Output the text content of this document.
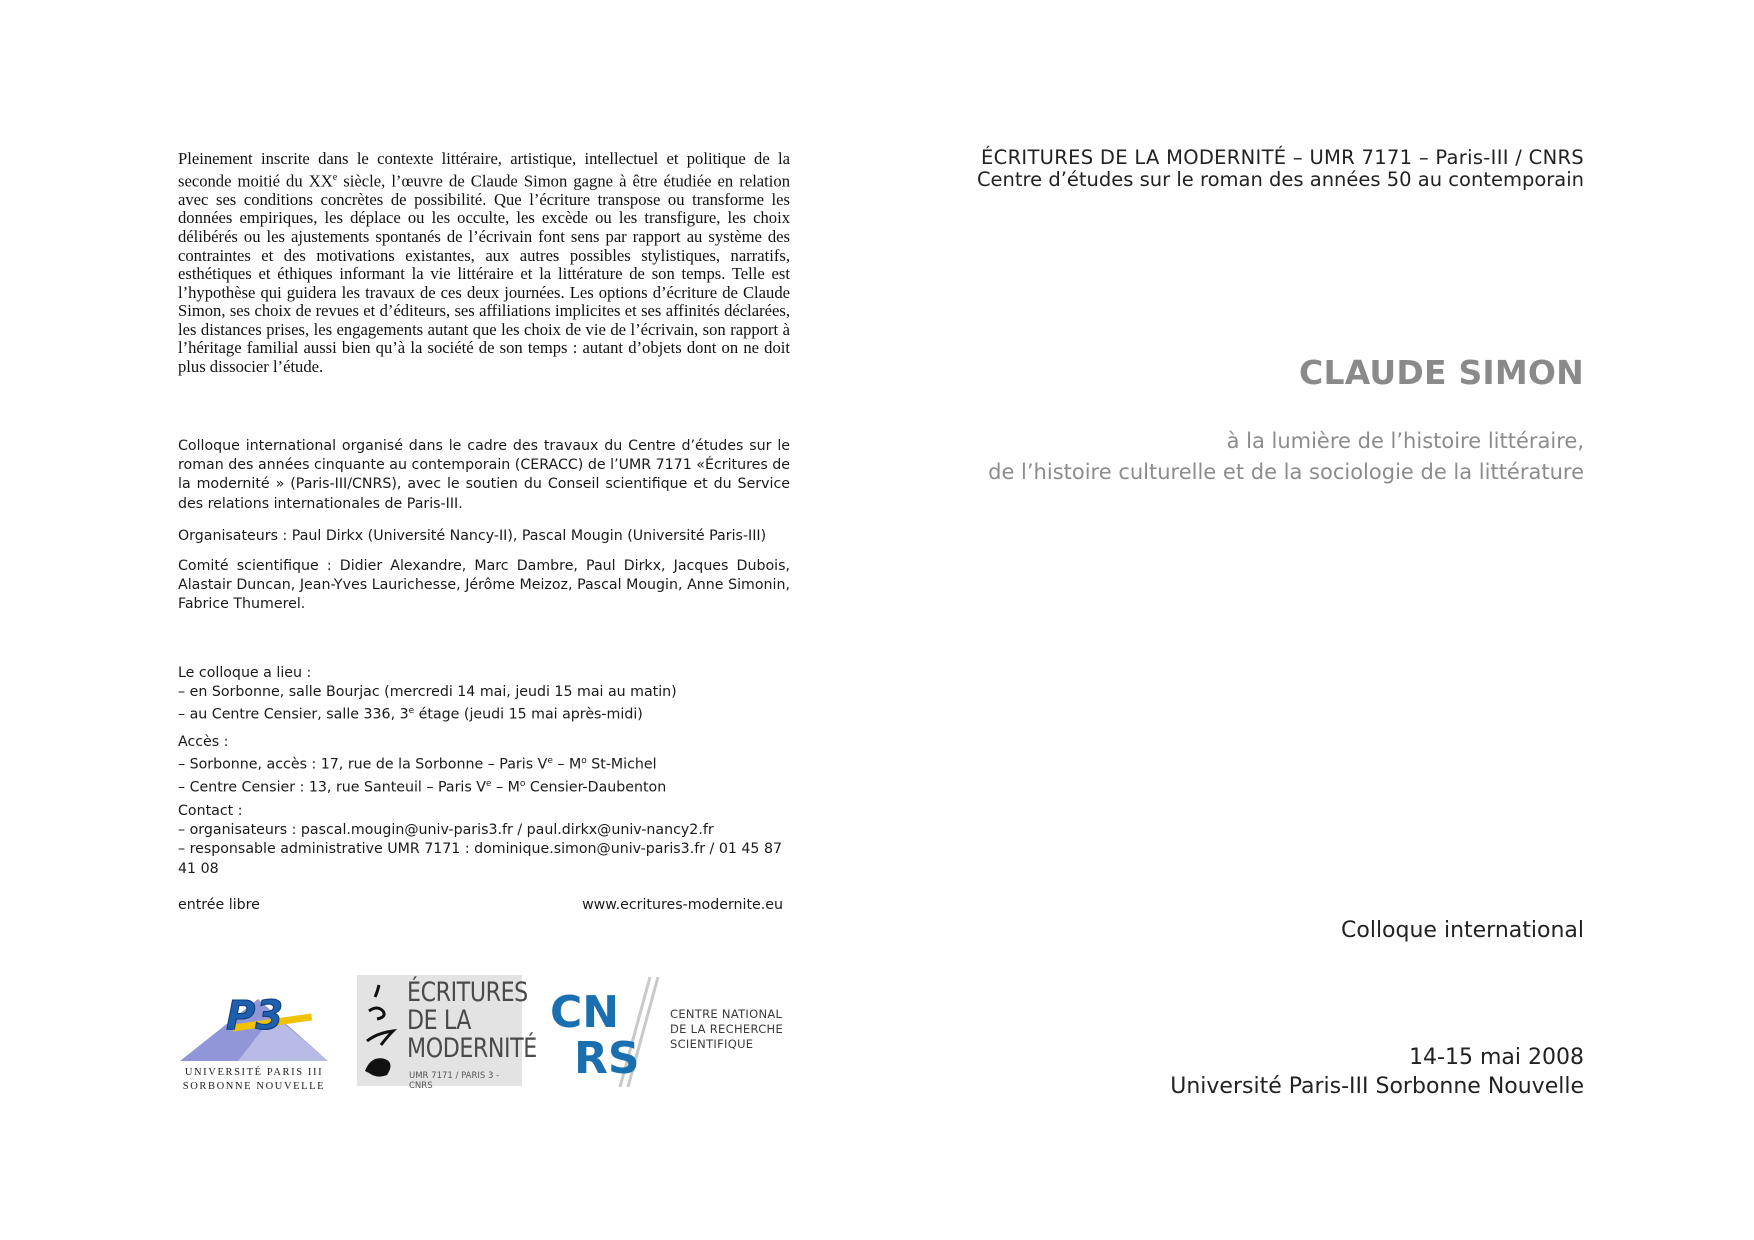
Pleinement inscrite dans le contexte littéraire, artistique, intellectuel et politique de la seconde moitié du XXe siècle, l’œuvre de Claude Simon gagne à être étudiée en relation avec ses conditions concrètes de possibilité. Que l’écriture transpose ou transforme les données empiriques, les déplace ou les occulte, les excède ou les transfigure, les choix délibérés ou les ajustements spontanés de l’écrivain font sens par rapport au système des contraintes et des motivations existantes, aux autres possibles stylistiques, narratifs, esthétiques et éthiques informant la vie littéraire et la littérature de son temps. Telle est l’hypothèse qui guidera les travaux de ces deux journées. Les options d’écriture de Claude Simon, ses choix de revues et d’éditeurs, ses affiliations implicites et ses affinités déclarées, les distances prises, les engagements autant que les choix de vie de l’écrivain, son rapport à l’héritage familial aussi bien qu’à la société de son temps : autant d’objets dont on ne doit plus dissocier l’étude.

Colloque international organisé dans le cadre des travaux du Centre d’études sur le roman des années cinquante au contemporain (CERACC) de l’UMR 7171 «Écritures de la modernité » (Paris-III/CNRS), avec le soutien du Conseil scientifique et du Service des relations internationales de Paris-III.

Organisateurs : Paul Dirkx (Université Nancy-II), Pascal Mougin (Université Paris-III)

Comité scientifique : Didier Alexandre, Marc Dambre, Paul Dirkx, Jacques Dubois, Alastair Duncan, Jean-Yves Laurichesse, Jérôme Meizoz, Pascal Mougin, Anne Simonin, Fabrice Thumerel.

Le colloque a lieu :

– en Sorbonne, salle Bourjac (mercredi 14 mai, jeudi 15 mai au matin)

– au Centre Censier, salle 336, 3e étage (jeudi 15 mai après-midi)

Accès :

– Sorbonne, accès : 17, rue de la Sorbonne – Paris $Ve - M^o$ St-Michel

– Centre Censier : 13, rue Santeuil – Paris $Ve - M^o$ Censier-Daubenton

Contact :

– organisateurs : pascal.mougin@univ-paris3.fr / paul.dirkx@univ-nancy2.fr

– responsable administrative UMR 7171 : dominique.simon@univ-paris3.fr / 01 45 87 41 08

entrée libre	www.ecritures-modernite.eu
P3
UNIVERSITÉ PARIS III
SORBONNE NOUVELLE
ÉCRITURES
DE LA
MODERNITÉ
UMR 7171 / PARIS 3 - CNRS
CN
RS
CENTRE NATIONAL
DE LA RECHERCHE
SCIENTIFIQUE
ÉCRITURES DE LA MODERNITÉ – UMR 7171 – Paris-III / CNRS
Centre d’études sur le roman des années 50 au contemporain
CLAUDE SIMON
à la lumière de l’histoire littéraire,
de l’histoire culturelle et de la sociologie de la littérature
Colloque international
14-15 mai 2008
Université Paris-III Sorbonne Nouvelle
